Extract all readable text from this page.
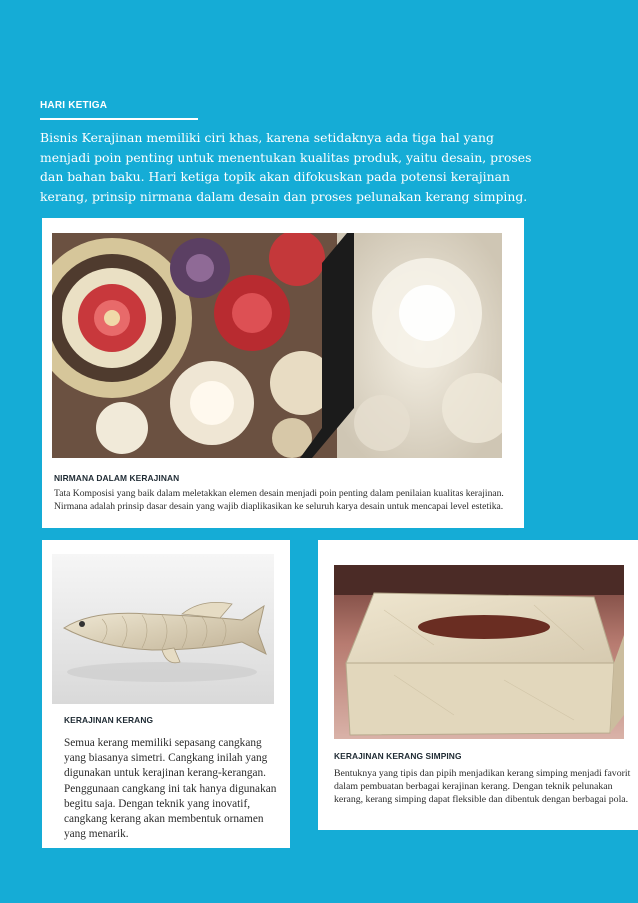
HARI KETIGA

Bisnis Kerajinan memiliki ciri khas, karena setidaknya ada tiga hal yang menjadi poin penting untuk menentukan kualitas produk, yaitu desain, proses dan bahan baku. Hari ketiga topik akan difokuskan pada potensi kerajinan kerang, prinsip nirmana dalam desain dan proses pelunakan kerang simping.

NIRMANA DALAM KERAJINAN

Tata Komposisi yang baik dalam meletakkan elemen desain menjadi poin penting dalam penilaian kualitas kerajinan. Nirmana adalah prinsip dasar desain yang wajib diaplikasikan ke seluruh karya desain untuk mencapai level estetika.

KERAJINAN KERANG

Semua kerang memiliki sepasang cangkang yang biasanya simetri. Cangkang inilah yang digunakan untuk kerajinan kerang-kerangan. Penggunaan cangkang ini tak hanya digunakan begitu saja. Dengan teknik yang inovatif, cangkang kerang akan membentuk ornamen yang menarik.

KERAJINAN KERANG SIMPING

Bentuknya yang tipis dan pipih menjadikan kerang simping menjadi favorit dalam pembuatan berbagai kerajinan kerang. Dengan teknik pelunakan kerang, kerang simping dapat fleksible dan dibentuk dengan berbagai pola.
